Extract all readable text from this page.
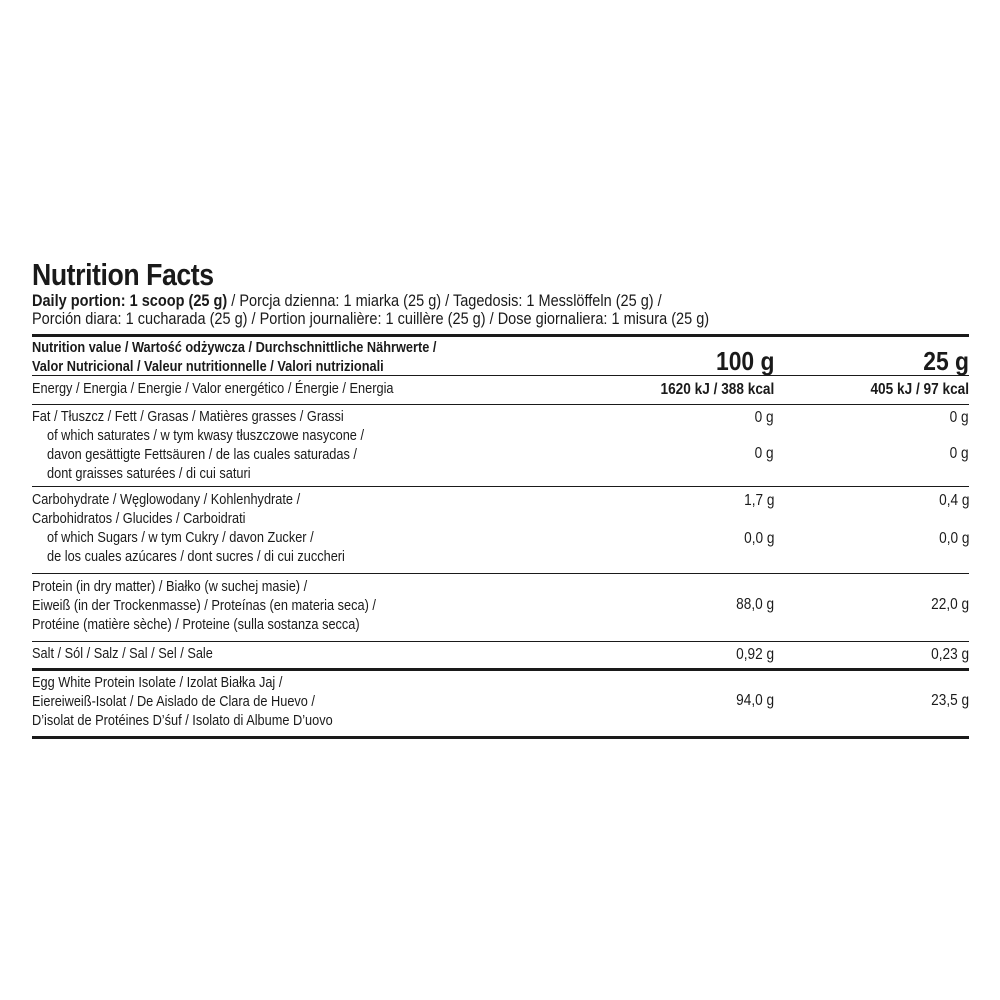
Nutrition Facts
Daily portion: 1 scoop (25 g) / Porcja dzienna: 1 miarka (25 g) / Tagedosis: 1 Messlöffeln (25 g) /
Porción diara: 1 cucharada (25 g) / Portion journalière: 1 cuillère (25 g) / Dose giornaliera: 1 misura (25 g)
Nutrition value / Wartość odżywcza / Durchschnittliche Nährwerte /
Valor Nutricional / Valeur nutritionnelle / Valori nutrizionali	100 g	25 g
Energy / Energia / Energie / Valor energético / Énergie / Energia	1620 kJ / 388 kcal	405 kJ / 97 kcal
Fat / Tłuszcz / Fett / Grasas / Matières grasses / Grassi	0 g	0 g
of which saturates / w tym kwasy tłuszczowe nasycone /
davon gesättigte Fettsäuren / de las cuales saturadas /
dont graisses saturées / di cui saturi
0 g	0 g
Carbohydrate / Węglowodany / Kohlenhydrate /
Carbohidratos / Glucides / Carboidrati
1,7 g	0,4 g
of which Sugars / w tym Cukry / davon Zucker /
de los cuales azúcares / dont sucres / di cui zuccheri
0,0 g	0,0 g
Protein (in dry matter) / Białko (w suchej masie) /
Eiweiß (in der Trockenmasse) / Proteínas (en materia seca) /
Protéine (matière sèche) / Proteine (sulla sostanza secca)
88,0 g	22,0 g
Salt / Sól / Salz / Sal / Sel / Sale	0,92 g	0,23 g
Egg White Protein Isolate / Izolat Białka Jaj /
Eiereiweiß-Isolat / De Aislado de Clara de Huevo /
D’isolat de Protéines D’śuf / Isolato di Albume D’uovo
94,0 g	23,5 g
